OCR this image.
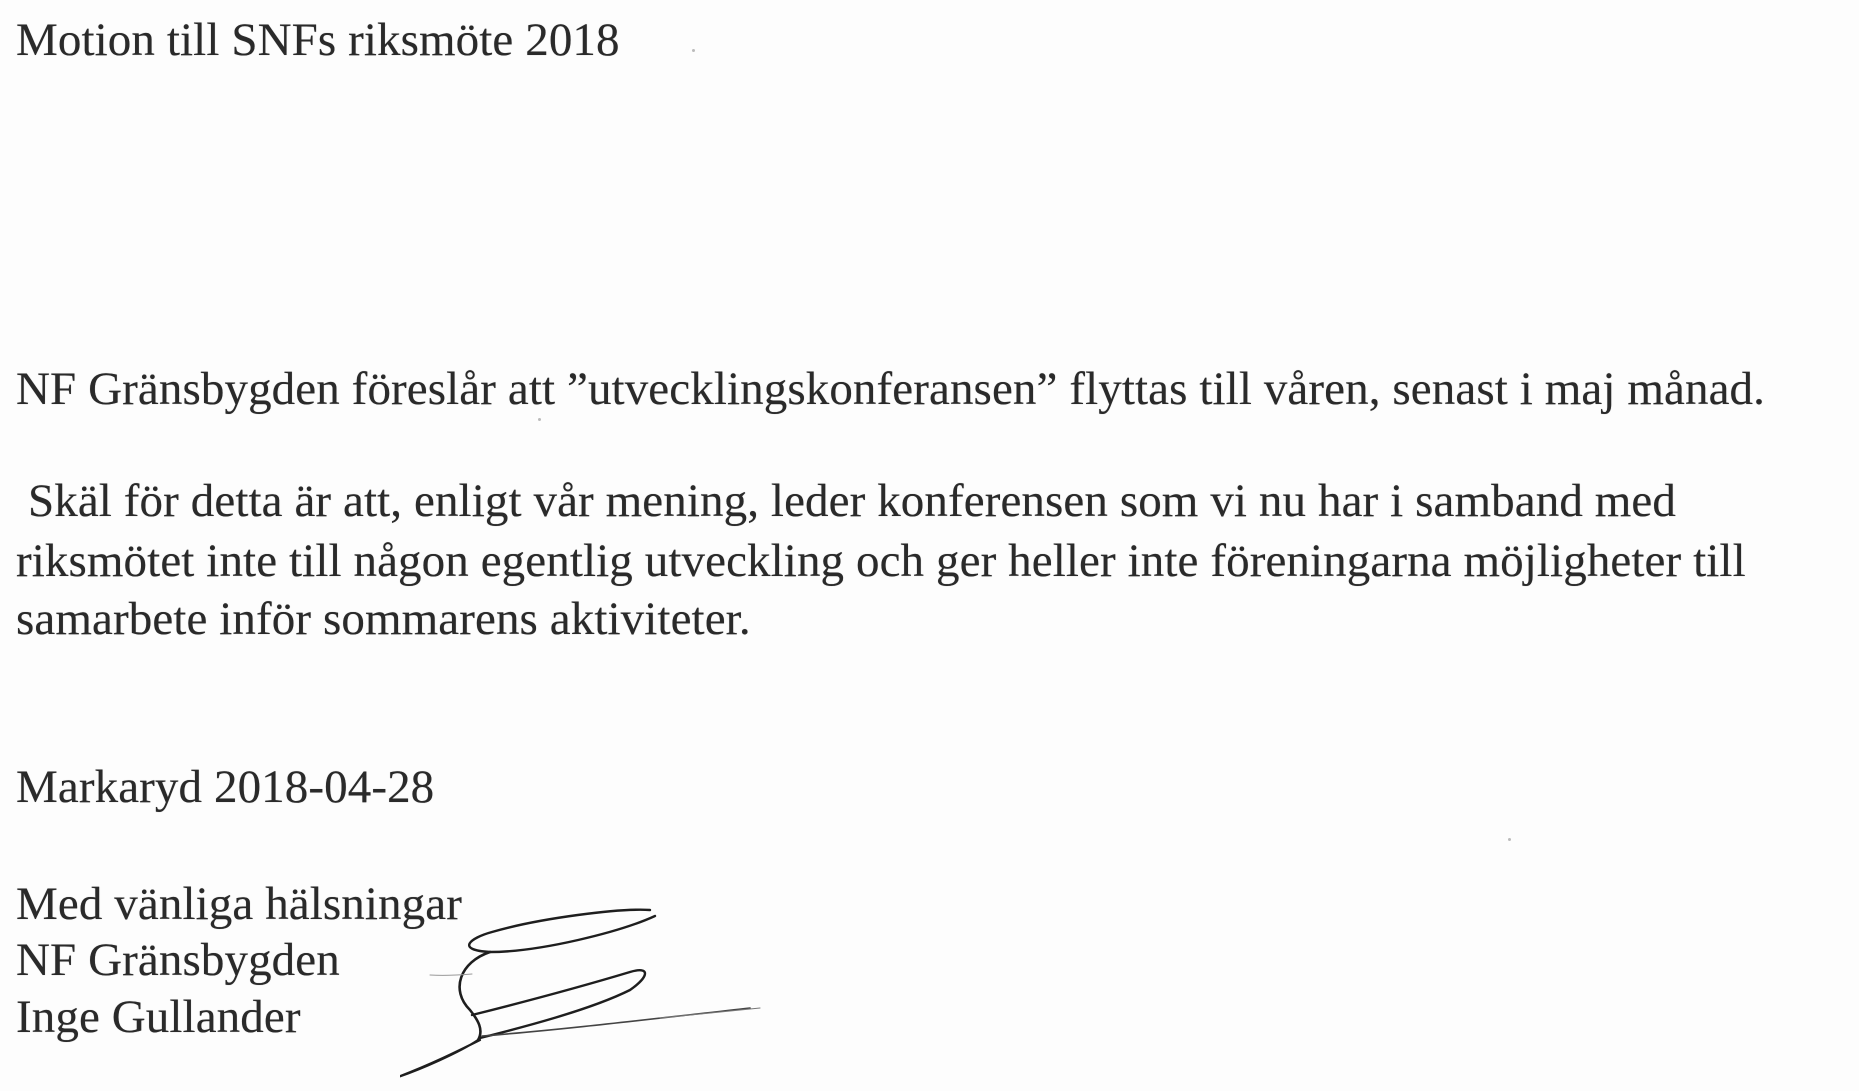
Motion till SNFs riksmöte 2018
NF Gränsbygden föreslår att ”utvecklingskonferansen” flyttas till våren, senast i maj månad.
Skäl för detta är att, enligt vår mening, leder konferensen som vi nu har i samband med
riksmötet inte till någon egentlig utveckling och ger heller inte föreningarna möjligheter till
samarbete inför sommarens aktiviteter.
Markaryd 2018-04-28
Med vänliga hälsningar
NF Gränsbygden
Inge Gullander
